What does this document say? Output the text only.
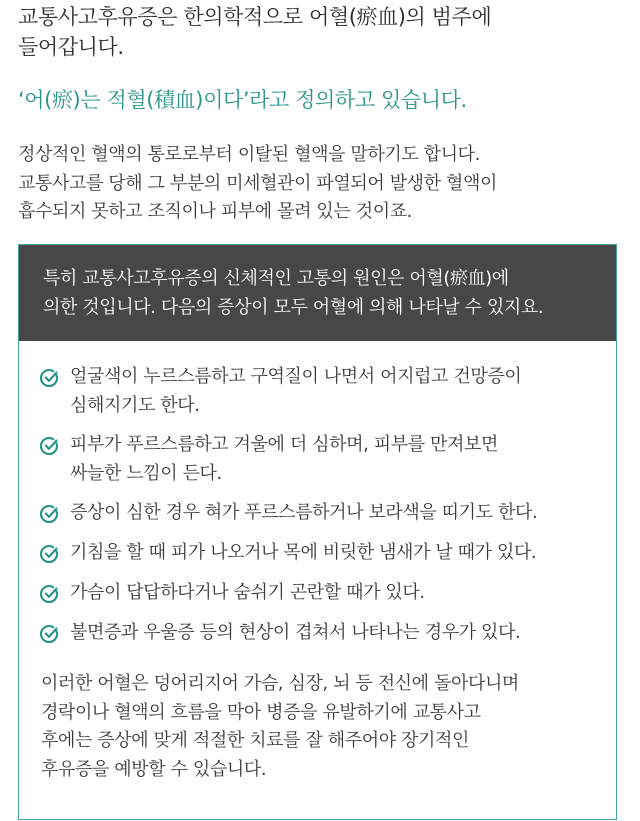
교통사고후유증은 한의학적으로 어혈(瘀血)의 범주에
들어갑니다.

‘어(瘀)는 적혈(積血)이다’라고 정의하고 있습니다.

정상적인 혈액의 통로로부터 이탈된 혈액을 말하기도 합니다.
교통사고를 당해 그 부분의 미세혈관이 파열되어 발생한 혈액이
흡수되지 못하고 조직이나 피부에 몰려 있는 것이죠.
특히 교통사고후유증의 신체적인 고통의 원인은 어혈(瘀血)에
의한 것입니다. 다음의 증상이 모두 어혈에 의해 나타날 수 있지요.
얼굴색이 누르스름하고 구역질이 나면서 어지럽고 건망증이
심해지기도 한다.
피부가 푸르스름하고 겨울에 더 심하며, 피부를 만져보면
싸늘한 느낌이 든다.
증상이 심한 경우 혀가 푸르스름하거나 보라색을 띠기도 한다.
기침을 할 때 피가 나오거나 목에 비릿한 냄새가 날 때가 있다.
가슴이 답답하다거나 숨쉬기 곤란할 때가 있다.
불면증과 우울증 등의 현상이 겹쳐서 나타나는 경우가 있다.
이러한 어혈은 덩어리지어 가슴, 심장, 뇌 등 전신에 돌아다니며
경락이나 혈액의 흐름을 막아 병증을 유발하기에 교통사고
후에는 증상에 맞게 적절한 치료를 잘 해주어야 장기적인
후유증을 예방할 수 있습니다.
